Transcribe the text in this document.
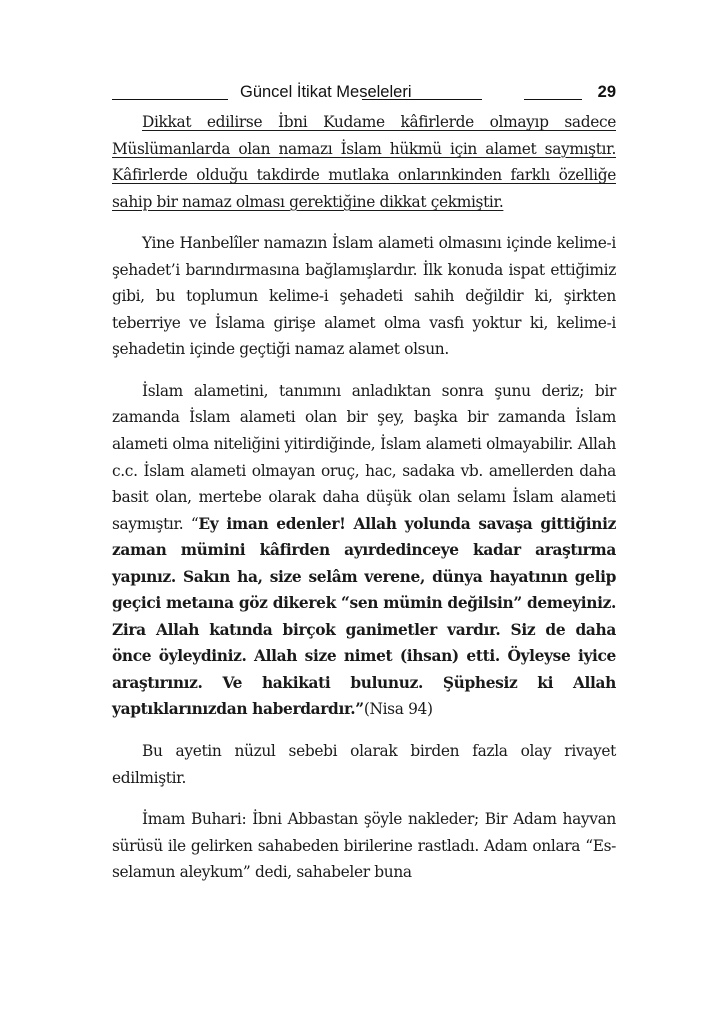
Güncel İtikat Meseleleri	29

Dikkat edilirse İbni Kudame kâfirlerde olmayıp sadece Müslümanlarda olan namazı İslam hükmü için alamet saymıştır. Kâfirlerde olduğu takdirde mutlaka onlarınkinden farklı özelliğe sahip bir namaz olması gerektiğine dikkat çekmiştir.

Yine Hanbelîler namazın İslam alameti olmasını içinde kelime-i şehadet’i barındırmasına bağlamışlardır. İlk konuda ispat ettiğimiz gibi, bu toplumun kelime-i şehadeti sahih değildir ki, şirkten teberriye ve İslama girişe alamet olma vasfı yoktur ki, kelime-i şehadetin içinde geçtiği namaz alamet olsun.

İslam alametini, tanımını anladıktan sonra şunu deriz; bir zamanda İslam alameti olan bir şey, başka bir zamanda İslam alameti olma niteliğini yitirdiğinde, İslam alameti olmayabilir. Allah c.c. İslam alameti olmayan oruç, hac, sadaka vb. amellerden daha basit olan, mertebe olarak daha düşük olan selamı İslam alameti saymıştır. “Ey iman edenler! Allah yolunda savaşa gittiğiniz zaman mümini kâfirden ayırdedinceye kadar araştırma yapınız. Sakın ha, size selâm verene, dünya hayatının gelip geçici metaına göz dikerek “sen mümin değilsin” demeyiniz. Zira Allah katında birçok ganimetler vardır. Siz de daha önce öyleydiniz. Allah size nimet (ihsan) etti. Öyleyse iyice araştırınız. Ve hakikati bulunuz. Şüphesiz ki Allah yaptıklarınızdan haberdardır.”(Nisa 94)

Bu ayetin nüzul sebebi olarak birden fazla olay rivayet edilmiştir.

İmam Buhari: İbni Abbastan şöyle nakleder; Bir Adam hayvan sürüsü ile gelirken sahabeden birilerine rastladı. Adam onlara “Es-selamun aleykum” dedi, sahabeler buna
